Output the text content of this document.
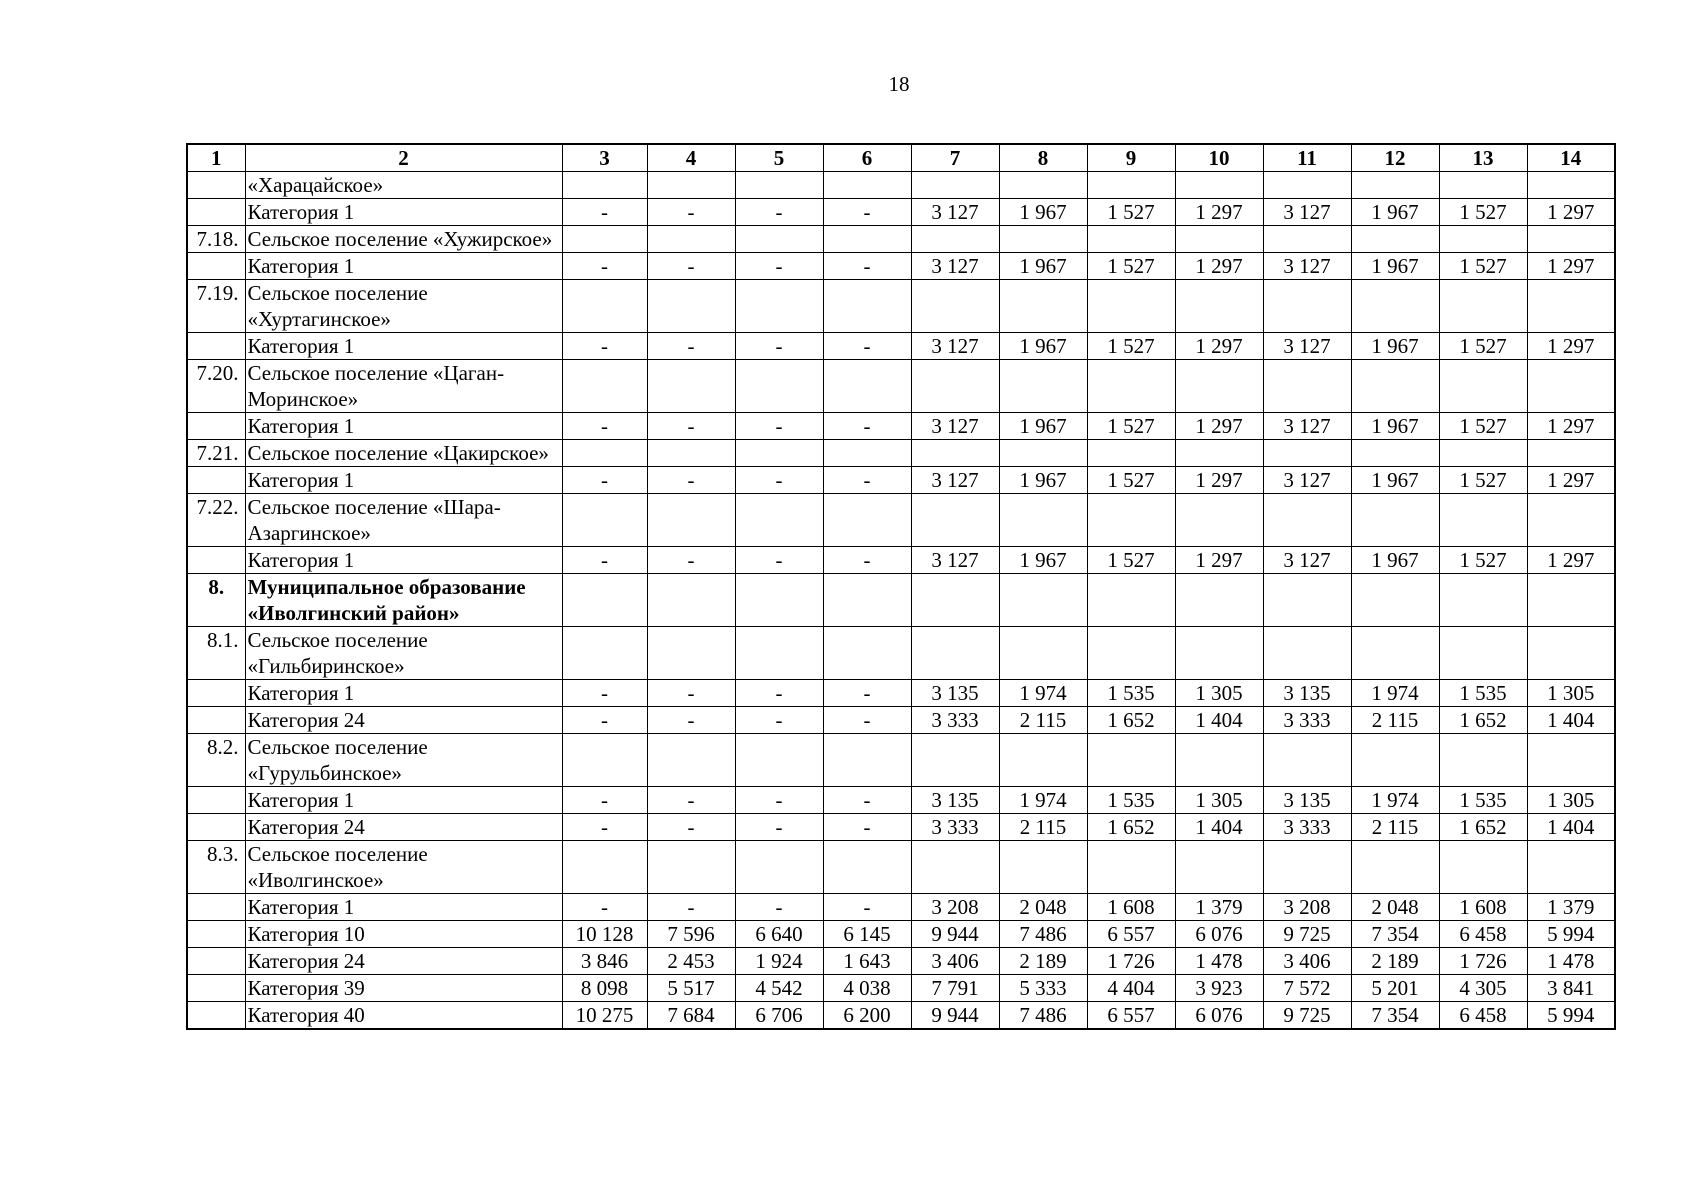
18
1	2	3	4	5	6	7	8	9	10	11	12	13	14
	«Харацайское»												
	Категория 1	-	-	-	-	3 127	1 967	1 527	1 297	3 127	1 967	1 527	1 297
7.18.	Сельское поселение «Хужирское»												
	Категория 1	-	-	-	-	3 127	1 967	1 527	1 297	3 127	1 967	1 527	1 297
7.19.	Сельское поселение «Хуртагинское»												
	Категория 1	-	-	-	-	3 127	1 967	1 527	1 297	3 127	1 967	1 527	1 297
7.20.	Сельское поселение «Цаган-Моринское»												
	Категория 1	-	-	-	-	3 127	1 967	1 527	1 297	3 127	1 967	1 527	1 297
7.21.	Сельское поселение «Цакирское»												
	Категория 1	-	-	-	-	3 127	1 967	1 527	1 297	3 127	1 967	1 527	1 297
7.22.	Сельское поселение «Шара-Азаргинское»												
	Категория 1	-	-	-	-	3 127	1 967	1 527	1 297	3 127	1 967	1 527	1 297
8.	Муниципальное образование «Иволгинский район»												
8.1.	Сельское поселение «Гильбиринское»												
	Категория 1	-	-	-	-	3 135	1 974	1 535	1 305	3 135	1 974	1 535	1 305
	Категория 24	-	-	-	-	3 333	2 115	1 652	1 404	3 333	2 115	1 652	1 404
8.2.	Сельское поселение «Гурульбинское»												
	Категория 1	-	-	-	-	3 135	1 974	1 535	1 305	3 135	1 974	1 535	1 305
	Категория 24	-	-	-	-	3 333	2 115	1 652	1 404	3 333	2 115	1 652	1 404
8.3.	Сельское поселение «Иволгинское»												
	Категория 1	-	-	-	-	3 208	2 048	1 608	1 379	3 208	2 048	1 608	1 379
	Категория 10	10 128	7 596	6 640	6 145	9 944	7 486	6 557	6 076	9 725	7 354	6 458	5 994
	Категория 24	3 846	2 453	1 924	1 643	3 406	2 189	1 726	1 478	3 406	2 189	1 726	1 478
	Категория 39	8 098	5 517	4 542	4 038	7 791	5 333	4 404	3 923	7 572	5 201	4 305	3 841
	Категория 40	10 275	7 684	6 706	6 200	9 944	7 486	6 557	6 076	9 725	7 354	6 458	5 994
